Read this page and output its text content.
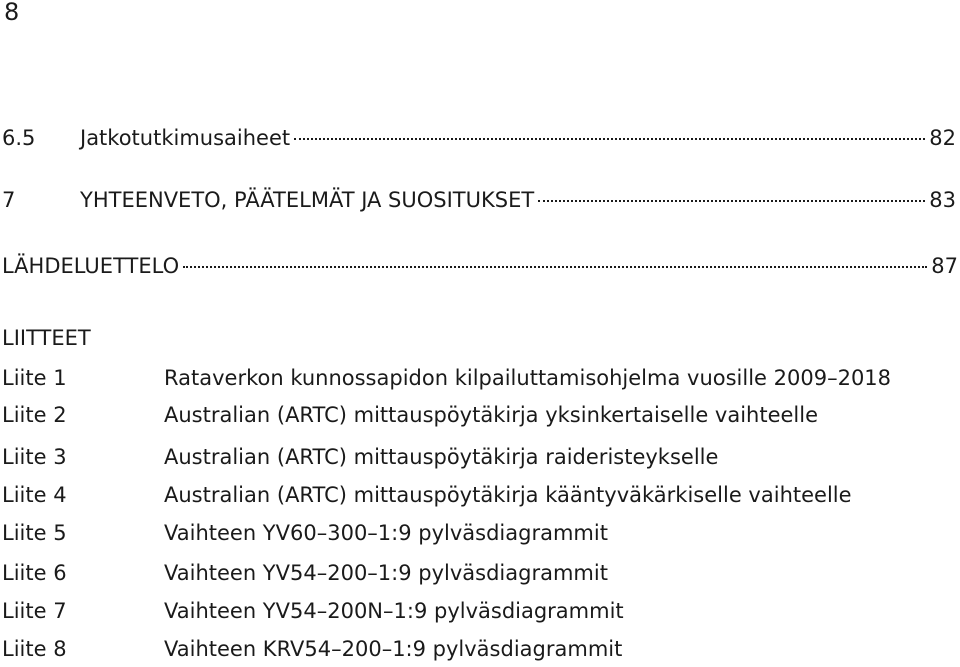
8
6.5	Jatkotutkimusaiheet	82
7	YHTEENVETO, PÄÄTELMÄT JA SUOSITUKSET	83
LÄHDELUETTELO	87
LIITTEET
Liite 1	Rataverkon kunnossapidon kilpailuttamisohjelma vuosille 2009–2018
Liite 2	Australian (ARTC) mittauspöytäkirja yksinkertaiselle vaihteelle
Liite 3	Australian (ARTC) mittauspöytäkirja raideristeykselle
Liite 4	Australian (ARTC) mittauspöytäkirja kääntyväkärkiselle vaihteelle
Liite 5	Vaihteen YV60–300–1:9 pylväsdiagrammit
Liite 6	Vaihteen YV54–200–1:9 pylväsdiagrammit
Liite 7	Vaihteen YV54–200N–1:9 pylväsdiagrammit
Liite 8	Vaihteen KRV54–200–1:9 pylväsdiagrammit
